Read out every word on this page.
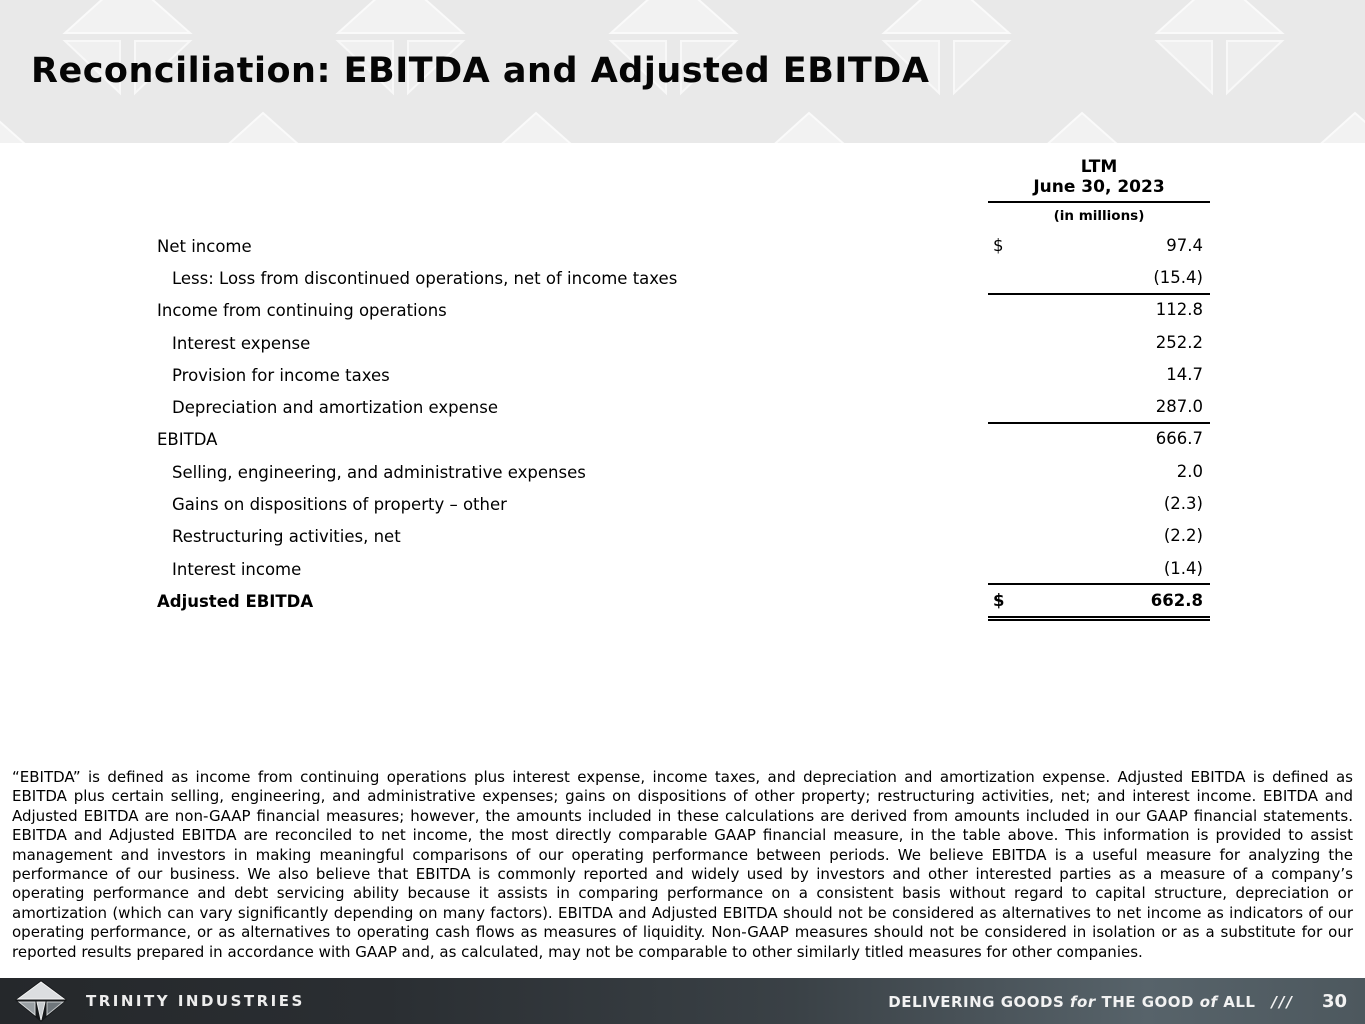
Reconciliation: EBITDA and Adjusted EBITDA
LTM
June 30, 2023
(in millions)
Net income	$	97.4
Less: Loss from discontinued operations, net of income taxes	(15.4)
Income from continuing operations	112.8
Interest expense	252.2
Provision for income taxes	14.7
Depreciation and amortization expense	287.0
EBITDA	666.7
Selling, engineering, and administrative expenses	2.0
Gains on dispositions of property – other	(2.3)
Restructuring activities, net	(2.2)
Interest income	(1.4)
Adjusted EBITDA	$	662.8

“EBITDA” is defined as income from continuing operations plus interest expense, income taxes, and depreciation and amortization expense. Adjusted EBITDA is defined as EBITDA plus certain selling, engineering, and administrative expenses; gains on dispositions of other property; restructuring activities, net; and interest income. EBITDA and Adjusted EBITDA are non-GAAP financial measures; however, the amounts included in these calculations are derived from amounts included in our GAAP financial statements. EBITDA and Adjusted EBITDA are reconciled to net income, the most directly comparable GAAP financial measure, in the table above. This information is provided to assist management and investors in making meaningful comparisons of our operating performance between periods. We believe EBITDA is a useful measure for analyzing the performance of our business. We also believe that EBITDA is commonly reported and widely used by investors and other interested parties as a measure of a company’s operating performance and debt servicing ability because it assists in comparing performance on a consistent basis without regard to capital structure, depreciation or amortization (which can vary significantly depending on many factors). EBITDA and Adjusted EBITDA should not be considered as alternatives to net income as indicators of our operating performance, or as alternatives to operating cash flows as measures of liquidity. Non-GAAP measures should not be considered in isolation or as a substitute for our reported results prepared in accordance with GAAP and, as calculated, may not be comparable to other similarly titled measures for other companies.

TRINITY INDUSTRIES	DELIVERING GOODS for THE GOOD of ALL /// 30
